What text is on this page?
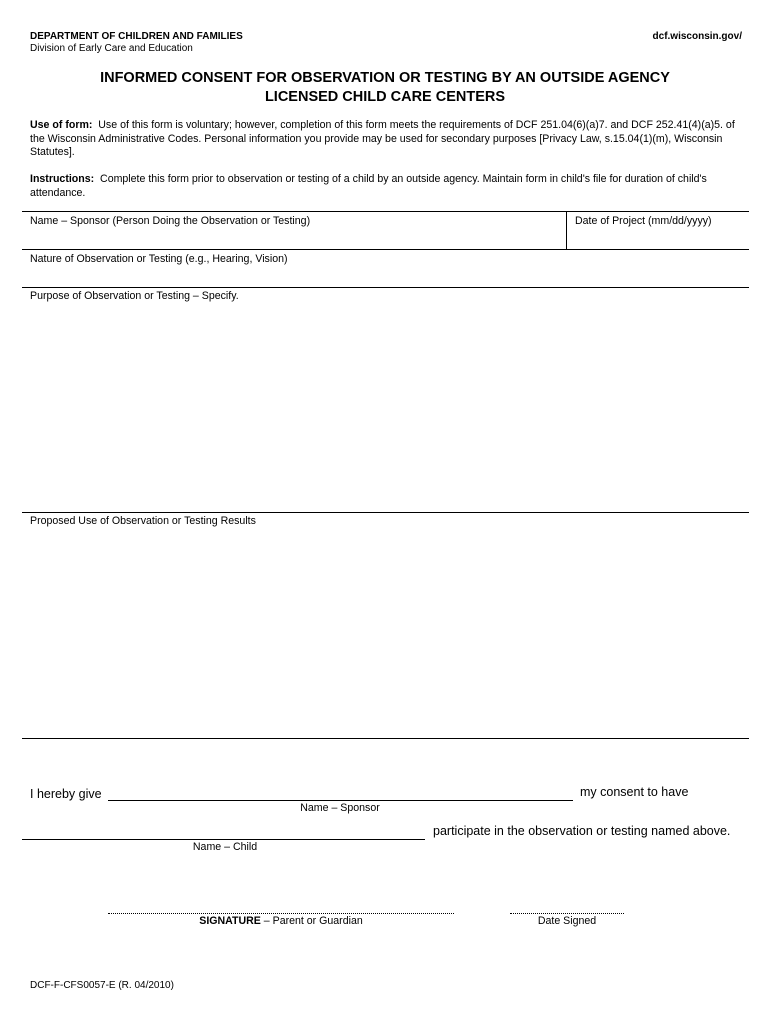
DEPARTMENT OF CHILDREN AND FAMILIES
Division of Early Care and Education
dcf.wisconsin.gov/
INFORMED CONSENT FOR OBSERVATION OR TESTING BY AN OUTSIDE AGENCY
LICENSED CHILD CARE CENTERS
Use of form: Use of this form is voluntary; however, completion of this form meets the requirements of DCF 251.04(6)(a)7. and DCF 252.41(4)(a)5. of the Wisconsin Administrative Codes. Personal information you provide may be used for secondary purposes [Privacy Law, s.15.04(1)(m), Wisconsin Statutes].
Instructions: Complete this form prior to observation or testing of a child by an outside agency. Maintain form in child's file for duration of child's attendance.
Name – Sponsor (Person Doing the Observation or Testing)	Date of Project (mm/dd/yyyy)
Nature of Observation or Testing (e.g., Hearing, Vision)
Purpose of Observation or Testing – Specify.
Proposed Use of Observation or Testing Results
I hereby give	my consent to have
Name – Sponsor
participate in the observation or testing named above.
Name – Child
SIGNATURE – Parent or Guardian	Date Signed
DCF-F-CFS0057-E (R. 04/2010)
